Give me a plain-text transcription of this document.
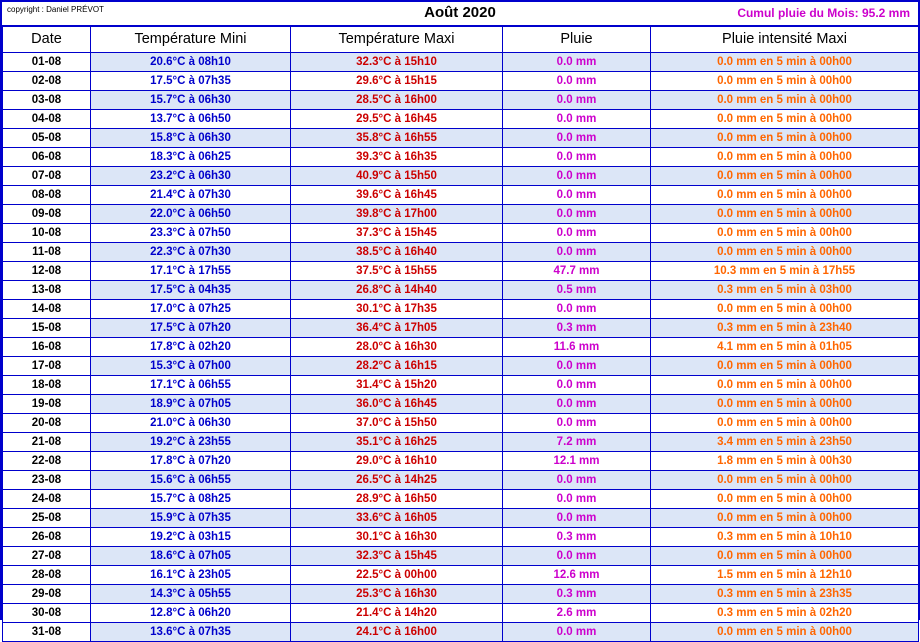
copyright : Daniel PRÉVOT	Août 2020	Cumul pluie du Mois: 95.2 mm
Date	Température Mini	Température Maxi	Pluie	Pluie intensité Maxi
01-08	20.6°C à 08h10	32.3°C à 15h10	0.0 mm	0.0 mm en 5 min à 00h00
02-08	17.5°C à 07h35	29.6°C à 15h15	0.0 mm	0.0 mm en 5 min à 00h00
03-08	15.7°C à 06h30	28.5°C à 16h00	0.0 mm	0.0 mm en 5 min à 00h00
04-08	13.7°C à 06h50	29.5°C à 16h45	0.0 mm	0.0 mm en 5 min à 00h00
05-08	15.8°C à 06h30	35.8°C à 16h55	0.0 mm	0.0 mm en 5 min à 00h00
06-08	18.3°C à 06h25	39.3°C à 16h35	0.0 mm	0.0 mm en 5 min à 00h00
07-08	23.2°C à 06h30	40.9°C à 15h50	0.0 mm	0.0 mm en 5 min à 00h00
08-08	21.4°C à 07h30	39.6°C à 16h45	0.0 mm	0.0 mm en 5 min à 00h00
09-08	22.0°C à 06h50	39.8°C à 17h00	0.0 mm	0.0 mm en 5 min à 00h00
10-08	23.3°C à 07h50	37.3°C à 15h45	0.0 mm	0.0 mm en 5 min à 00h00
11-08	22.3°C à 07h30	38.5°C à 16h40	0.0 mm	0.0 mm en 5 min à 00h00
12-08	17.1°C à 17h55	37.5°C à 15h55	47.7 mm	10.3 mm en 5 min à 17h55
13-08	17.5°C à 04h35	26.8°C à 14h40	0.5 mm	0.3 mm en 5 min à 03h00
14-08	17.0°C à 07h25	30.1°C à 17h35	0.0 mm	0.0 mm en 5 min à 00h00
15-08	17.5°C à 07h20	36.4°C à 17h05	0.3 mm	0.3 mm en 5 min à 23h40
16-08	17.8°C à 02h20	28.0°C à 16h30	11.6 mm	4.1 mm en 5 min à 01h05
17-08	15.3°C à 07h00	28.2°C à 16h15	0.0 mm	0.0 mm en 5 min à 00h00
18-08	17.1°C à 06h55	31.4°C à 15h20	0.0 mm	0.0 mm en 5 min à 00h00
19-08	18.9°C à 07h05	36.0°C à 16h45	0.0 mm	0.0 mm en 5 min à 00h00
20-08	21.0°C à 06h30	37.0°C à 15h50	0.0 mm	0.0 mm en 5 min à 00h00
21-08	19.2°C à 23h55	35.1°C à 16h25	7.2 mm	3.4 mm en 5 min à 23h50
22-08	17.8°C à 07h20	29.0°C à 16h10	12.1 mm	1.8 mm en 5 min à 00h30
23-08	15.6°C à 06h55	26.5°C à 14h25	0.0 mm	0.0 mm en 5 min à 00h00
24-08	15.7°C à 08h25	28.9°C à 16h50	0.0 mm	0.0 mm en 5 min à 00h00
25-08	15.9°C à 07h35	33.6°C à 16h05	0.0 mm	0.0 mm en 5 min à 00h00
26-08	19.2°C à 03h15	30.1°C à 16h30	0.3 mm	0.3 mm en 5 min à 10h10
27-08	18.6°C à 07h05	32.3°C à 15h45	0.0 mm	0.0 mm en 5 min à 00h00
28-08	16.1°C à 23h05	22.5°C à 00h00	12.6 mm	1.5 mm en 5 min à 12h10
29-08	14.3°C à 05h55	25.3°C à 16h30	0.3 mm	0.3 mm en 5 min à 23h35
30-08	12.8°C à 06h20	21.4°C à 14h20	2.6 mm	0.3 mm en 5 min à 02h20
31-08	13.6°C à 07h35	24.1°C à 16h00	0.0 mm	0.0 mm en 5 min à 00h00
